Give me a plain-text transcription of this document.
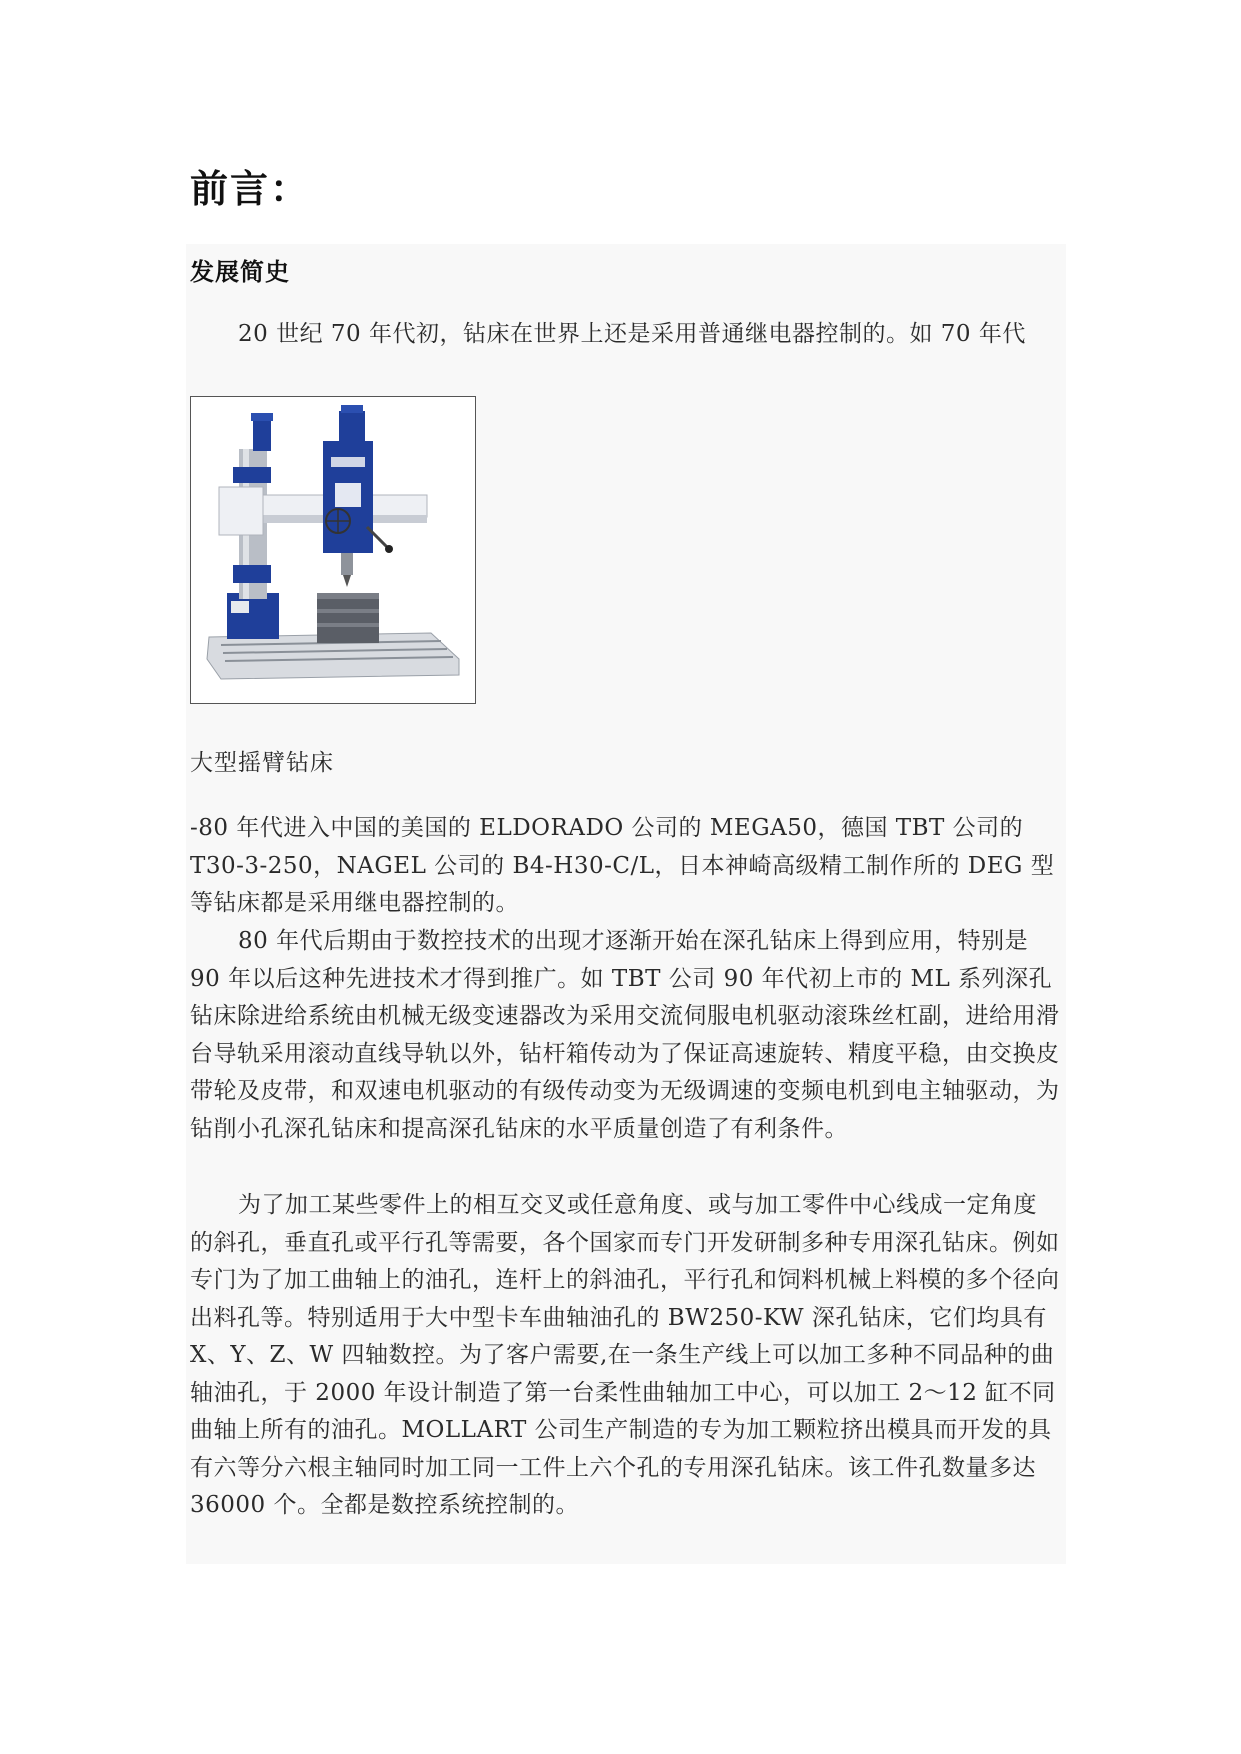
前言：
发展简史

20 世纪 70 年代初，钻床在世界上还是采用普通继电器控制的。如 70 年代

大型摇臂钻床

-80 年代进入中国的美国的 ELDORADO 公司的 MEGA50，德国 TBT 公司的 T30-3-250，NAGEL 公司的 B4-H30-C/L，日本神崎高级精工制作所的 DEG 型等钻床都是采用继电器控制的。

80 年代后期由于数控技术的出现才逐渐开始在深孔钻床上得到应用，特别是 90 年以后这种先进技术才得到推广。如 TBT 公司 90 年代初上市的 ML 系列深孔钻床除进给系统由机械无级变速器改为采用交流伺服电机驱动滚珠丝杠副，进给用滑台导轨采用滚动直线导轨以外，钻杆箱传动为了保证高速旋转、精度平稳，由交换皮带轮及皮带，和双速电机驱动的有级传动变为无级调速的变频电机到电主轴驱动，为钻削小孔深孔钻床和提高深孔钻床的水平质量创造了有利条件。

为了加工某些零件上的相互交叉或任意角度、或与加工零件中心线成一定角度的斜孔，垂直孔或平行孔等需要，各个国家而专门开发研制多种专用深孔钻床。例如专门为了加工曲轴上的油孔，连杆上的斜油孔，平行孔和饲料机械上料模的多个径向出料孔等。特别适用于大中型卡车曲轴油孔的 BW250-KW 深孔钻床，它们均具有 X、Y、Z、W 四轴数控。为了客户需要,在一条生产线上可以加工多种不同品种的曲轴油孔，于 2000 年设计制造了第一台柔性曲轴加工中心，可以加工 2～12 缸不同曲轴上所有的油孔。MOLLART 公司生产制造的专为加工颗粒挤出模具而开发的具有六等分六根主轴同时加工同一工件上六个孔的专用深孔钻床。该工件孔数量多达 36000 个。全都是数控系统控制的。
